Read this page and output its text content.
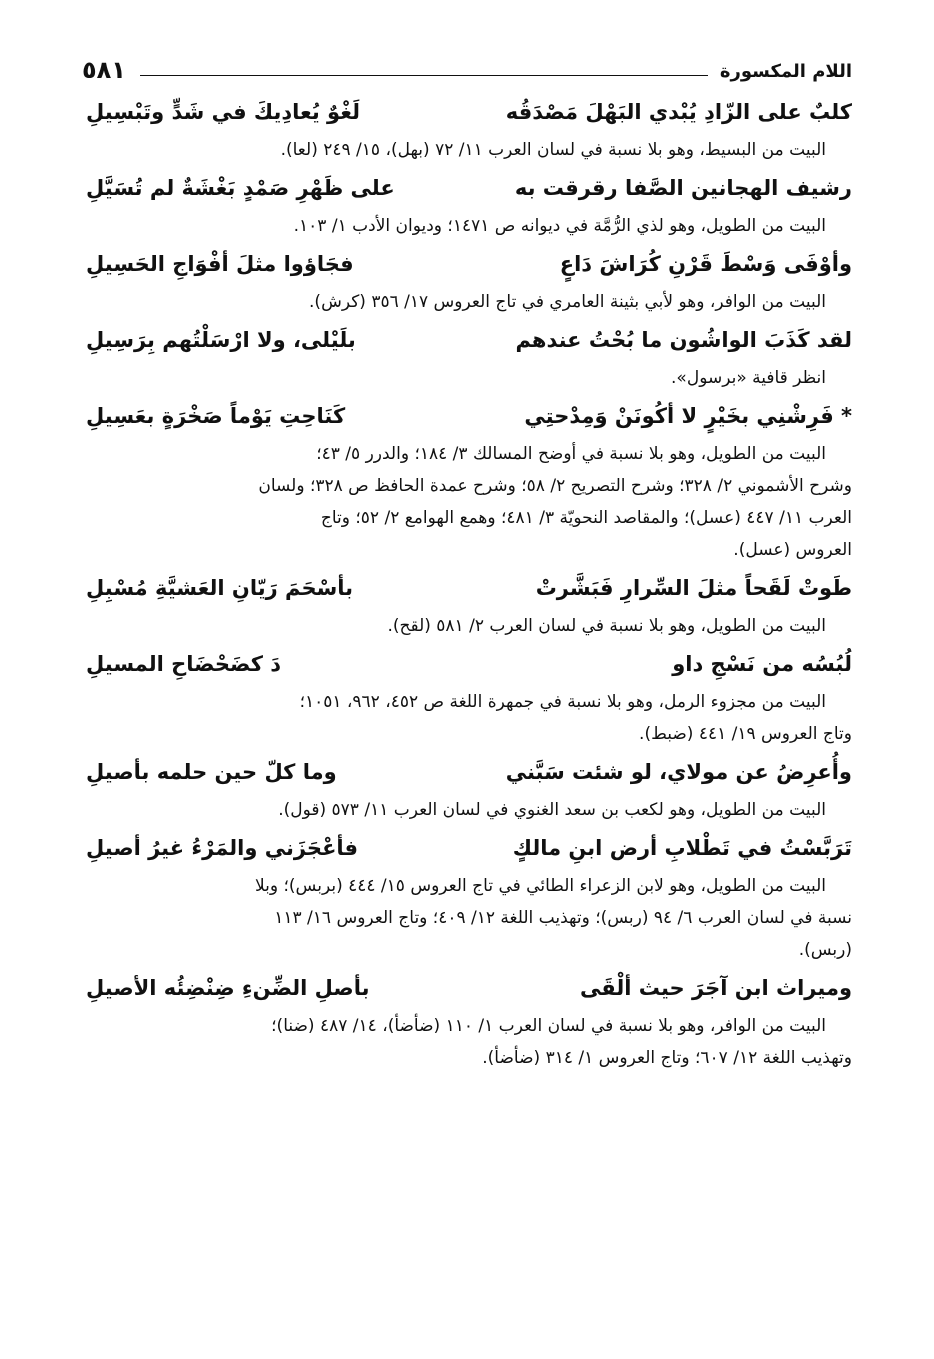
٥٨١	اللام المكسورة
كلبٌ على الزّادِ يُبْدي البَهْلَ مَصْدَقُه
لَغْوٌ يُعادِيكَ في شَدٍّ وتَبْسِيلِ
البيت من البسيط، وهو بلا نسبة في لسان العرب ١١/ ٧٢ (بهل)، ١٥/ ٢٤٩ (لعا).
رشيف الهجانين الصَّفا رقرقت به
على ظَهْرِ صَمْدٍ بَغْشَةٌ لم تُسَيَّلِ
البيت من الطويل، وهو لذي الرُّمَّة في ديوانه ص ١٤٧١؛ وديوان الأدب ١/ ١٠٣.
وأوْفَى وَسْطَ قَرْنِ كُرَاشَ دَاعٍ
فجَاؤوا مثلَ أفْوَاجِ الحَسِيلِ
البيت من الوافر، وهو لأبي بثينة العامري في تاج العروس ١٧/ ٣٥٦ (كرش).
لقد كَذَبَ الواشُون ما بُحْتُ عندهم
بلَيْلى، ولا ارْسَلْتُهم بِرَسِيلِ
انظر قافية «برسول».
* فَرِشْنِي بخَيْرٍ لا أكُونَنْ وَمِدْحتِي
كَنَاحِتِ يَوْماً صَخْرَةٍ بعَسِيلِ
البيت من الطويل، وهو بلا نسبة في أوضح المسالك ٣/ ١٨٤؛ والدرر ٥/ ٤٣؛
وشرح الأشموني ٢/ ٣٢٨؛ وشرح التصريح ٢/ ٥٨؛ وشرح عمدة الحافظ ص ٣٢٨؛ ولسان
العرب ١١/ ٤٤٧ (عسل)؛ والمقاصد النحويّة ٣/ ٤٨١؛ وهمع الهوامع ٢/ ٥٢؛ وتاج
العروس (عسل).
طَوتْ لَقَحاً مثلَ السِّرارِ فَبَشَّرتْ
بأسْحَمَ رَيّانِ العَشيَّةِ مُسْبِلِ
البيت من الطويل، وهو بلا نسبة في لسان العرب ٢/ ٥٨١ (لقح).
لُبُسُه من نَسْجِ داو
دَ كضَحْضَاحِ المسيلِ
البيت من مجزوء الرمل، وهو بلا نسبة في جمهرة اللغة ص ٤٥٢، ٩٦٢، ١٠٥١؛
وتاج العروس ١٩/ ٤٤١ (ضبط).
وأُعرِضُ عن مولاي، لو شئت سَبَّني
وما كلّ حين حلمه بأصيلِ
البيت من الطويل، وهو لكعب بن سعد الغنوي في لسان العرب ١١/ ٥٧٣ (قول).
تَرَبَّسْتُ في تَطْلابِ أرض ابنِ مالكٍ
فأعْجَزَني والمَرْءُ غيرُ أصيلِ
البيت من الطويل، وهو لابن الزعراء الطائي في تاج العروس ١٥/ ٤٤٤ (بربس)؛ وبلا
نسبة في لسان العرب ٦/ ٩٤ (ربس)؛ وتهذيب اللغة ١٢/ ٤٠٩؛ وتاج العروس ١٦/ ١١٣
(ربس).
وميراث ابن آجَرَ حيث ألْقَى
بأصلِ الضِّنءِ ضِنْضِئُه الأصيلِ
البيت من الوافر، وهو بلا نسبة في لسان العرب ١/ ١١٠ (ضأضأ)، ١٤/ ٤٨٧ (ضنا)؛
وتهذيب اللغة ١٢/ ٦٠٧؛ وتاج العروس ١/ ٣١٤ (ضأضأ).
